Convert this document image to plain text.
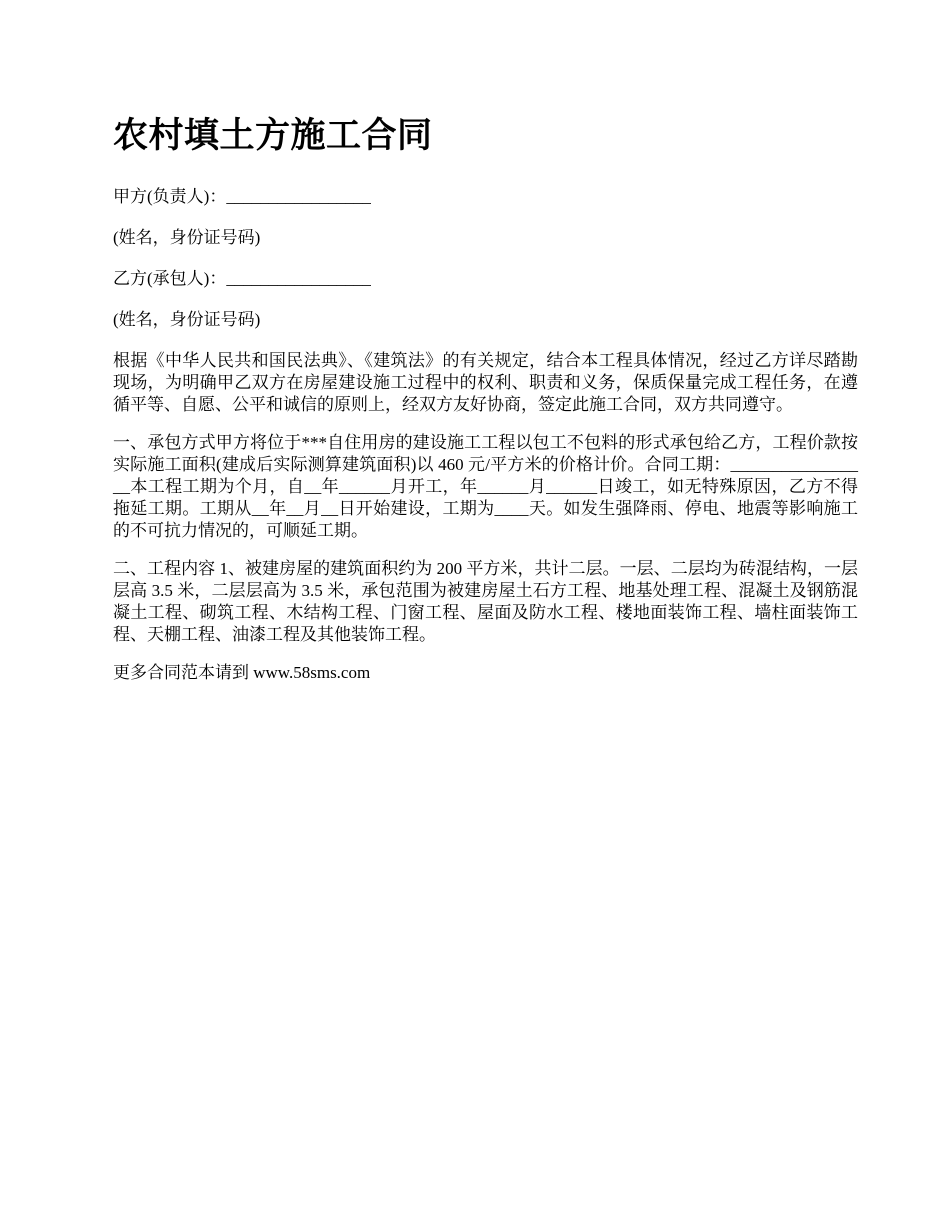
农村填土方施工合同

甲方(负责人)：_________________

(姓名，身份证号码)

乙方(承包人)：_________________

(姓名，身份证号码)

根据《中华人民共和国民法典》、《建筑法》的有关规定，结合本工程具体情况，经过乙方详尽踏勘现场，为明确甲乙双方在房屋建设施工过程中的权利、职责和义务，保质保量完成工程任务，在遵循平等、自愿、公平和诚信的原则上，经双方友好协商，签定此施工合同，双方共同遵守。

一、承包方式甲方将位于***自住用房的建设施工工程以包工不包料的形式承包给乙方，工程价款按实际施工面积(建成后实际测算建筑面积)以 460 元/平方米的价格计价。合同工期：_________________本工程工期为个月，自__年______月开工，年______月______日竣工，如无特殊原因，乙方不得拖延工期。工期从__年__月__日开始建设，工期为____天。如发生强降雨、停电、地震等影响施工的不可抗力情况的，可顺延工期。

二、工程内容 1、被建房屋的建筑面积约为 200 平方米，共计二层。一层、二层均为砖混结构，一层层高 3.5 米，二层层高为 3.5 米，承包范围为被建房屋土石方工程、地基处理工程、混凝土及钢筋混凝土工程、砌筑工程、木结构工程、门窗工程、屋面及防水工程、楼地面装饰工程、墙柱面装饰工程、天棚工程、油漆工程及其他装饰工程。

更多合同范本请到 www.58sms.com
